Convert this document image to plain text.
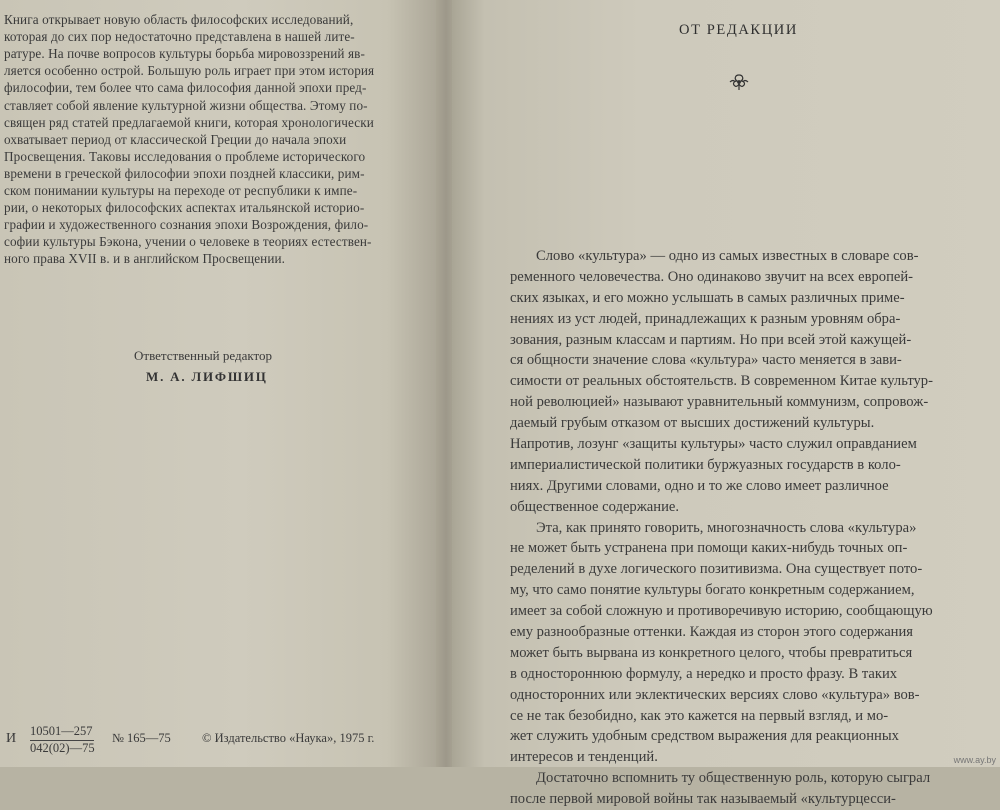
Книга открывает новую область философских исследований,
которая до сих пор недостаточно представлена в нашей лите-
ратуре. На почве вопросов культуры борьба мировоззрений яв-
ляется особенно острой. Большую роль играет при этом история
философии, тем более что сама философия данной эпохи пред-
ставляет собой явление культурной жизни общества. Этому по-
священ ряд статей предлагаемой книги, которая хронологически
охватывает период от классической Греции до начала эпохи
Просвещения. Таковы исследования о проблеме исторического
времени в греческой философии эпохи поздней классики, рим-
ском понимании культуры на переходе от республики к импе-
рии, о некоторых философских аспектах итальянской историо-
графии и художественного сознания эпохи Возрождения, фило-
софии культуры Бэкона, учении о человеке в теориях естествен-
ного права XVII в. и в английском Просвещении.
Ответственный редактор
М. А. ЛИФШИЦ
И 10501—257
042(02)—75
№ 165—75 © Издательство «Наука», 1975 г.
ОТ РЕДАКЦИИ
Слово «культура» — одно из самых известных в словаре сов-
ременного человечества. Оно одинаково звучит на всех европей-
ских языках, и его можно услышать в самых различных приме-
нениях из уст людей, принадлежащих к разным уровням обра-
зования, разным классам и партиям. Но при всей этой кажущей-
ся общности значение слова «культура» часто меняется в зави-
симости от реальных обстоятельств. В современном Китае культур-
ной революцией» называют уравнительный коммунизм, сопровож-
даемый грубым отказом от высших достижений культуры.
Напротив, лозунг «защиты культуры» часто служил оправданием
империалистической политики буржуазных государств в коло-
ниях. Другими словами, одно и то же слово имеет различное
общественное содержание.
Эта, как принято говорить, многозначность слова «культура»
не может быть устранена при помощи каких-нибудь точных оп-
ределений в духе логического позитивизма. Она существует пото-
му, что само понятие культуры богато конкретным содержанием,
имеет за собой сложную и противоречивую историю, сообщающую
ему разнообразные оттенки. Каждая из сторон этого содержания
может быть вырвана из конкретного целого, чтобы превратиться
в одностороннюю формулу, а нередко и просто фразу. В таких
односторонних или эклектических версиях слово «культура» вов-
се не так безобидно, как это кажется на первый взгляд, и мо-
жет служить удобным средством выражения для реакционных
интересов и тенденций.
Достаточно вспомнить ту общественную роль, которую сыграл
после первой мировой войны так называемый «культурцесси-
www.ay.by
